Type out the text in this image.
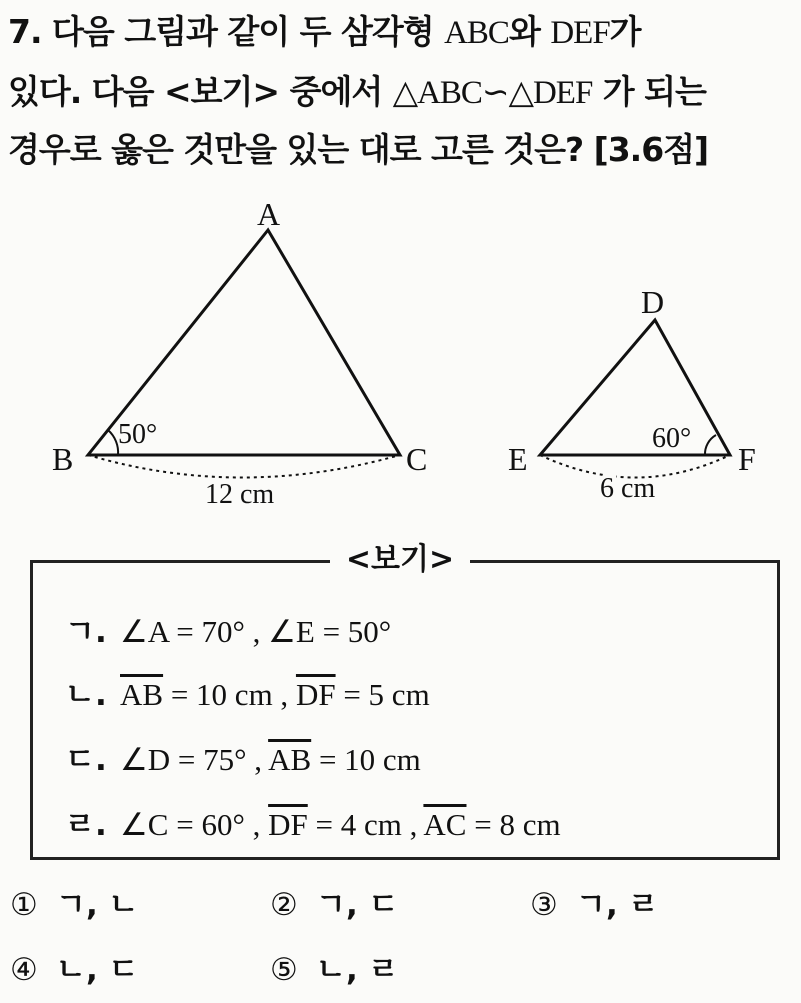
7. 다음 그림과 같이 두 삼각형 ABC와 DEF가
있다. 다음 <보기> 중에서 △ABC∽△DEF 가 되는
경우로 옳은 것만을 있는 대로 고른 것은? [3.6점]
A
B	C
50°
12 cm
D
E	F
60°
6 cm
<보기>
ㄱ. ∠A = 70° , ∠E = 50°
ㄴ. $\overline{AB} = 10$ cm , $\overline{DF} = 5$ cm
ㄷ. ∠D = 75° , $\overline{AB} = 10$ cm
ㄹ. ∠C = 60° , $\overline{DF} = 4$ cm , $\overline{AC} = 8$ cm
① ㄱ, ㄴ	② ㄱ, ㄷ	③ ㄱ, ㄹ
④ ㄴ, ㄷ	⑤ ㄴ, ㄹ
